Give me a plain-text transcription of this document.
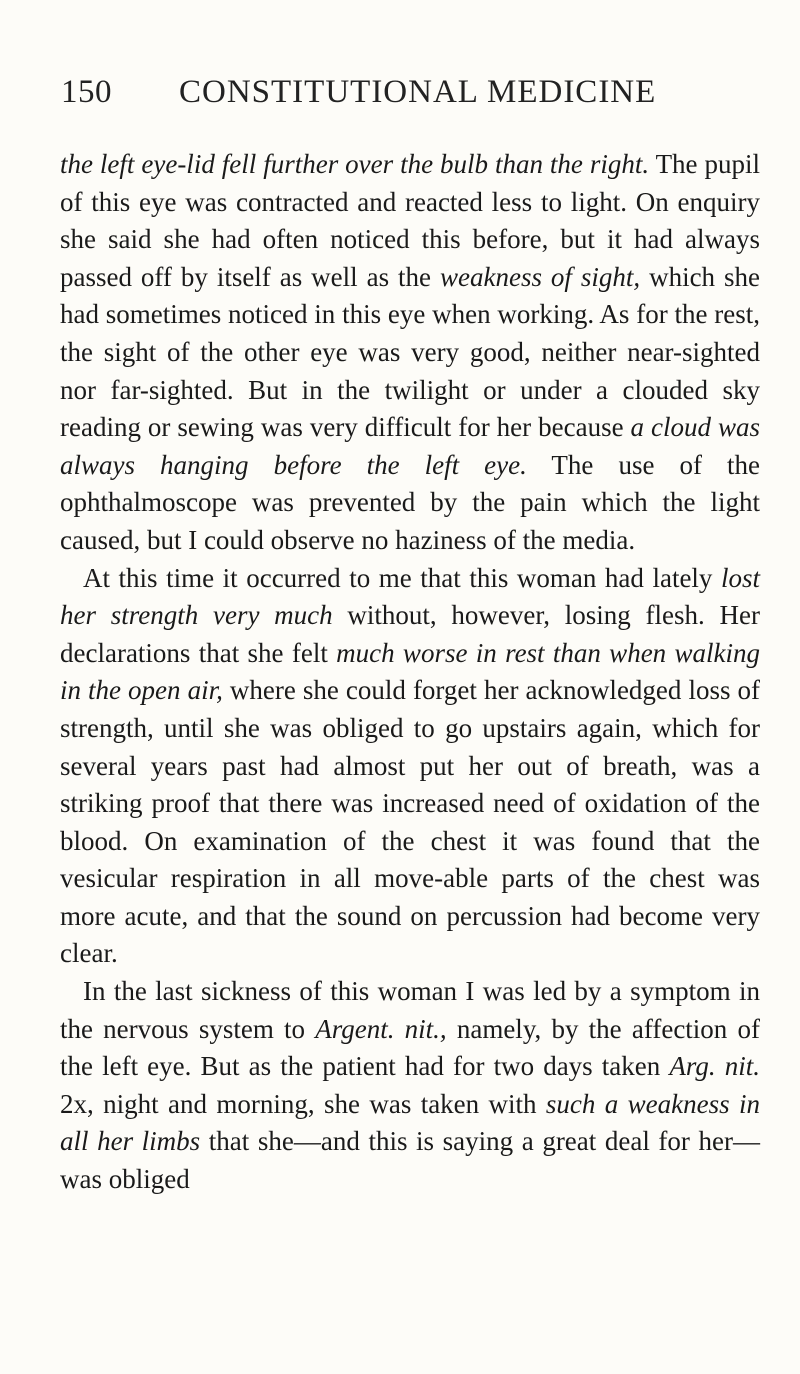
150	CONSTITUTIONAL MEDICINE

the left eye-lid fell further over the bulb than the right. The pupil of this eye was contracted and reacted less to light. On enquiry she said she had often noticed this before, but it had always passed off by itself as well as the weakness of sight, which she had sometimes noticed in this eye when working. As for the rest, the sight of the other eye was very good, neither near-sighted nor far-sighted. But in the twilight or under a clouded sky reading or sewing was very difficult for her because a cloud was always hanging before the left eye. The use of the ophthalmoscope was prevented by the pain which the light caused, but I could observe no haziness of the media.

At this time it occurred to me that this woman had lately lost her strength very much without, however, losing flesh. Her declarations that she felt much worse in rest than when walking in the open air, where she could forget her acknowledged loss of strength, until she was obliged to go upstairs again, which for several years past had almost put her out of breath, was a striking proof that there was increased need of oxidation of the blood. On examination of the chest it was found that the vesicular respiration in all move-able parts of the chest was more acute, and that the sound on percussion had become very clear.

In the last sickness of this woman I was led by a symptom in the nervous system to Argent. nit., namely, by the affection of the left eye. But as the patient had for two days taken Arg. nit. 2x, night and morning, she was taken with such a weakness in all her limbs that she—and this is saying a great deal for her—was obliged
